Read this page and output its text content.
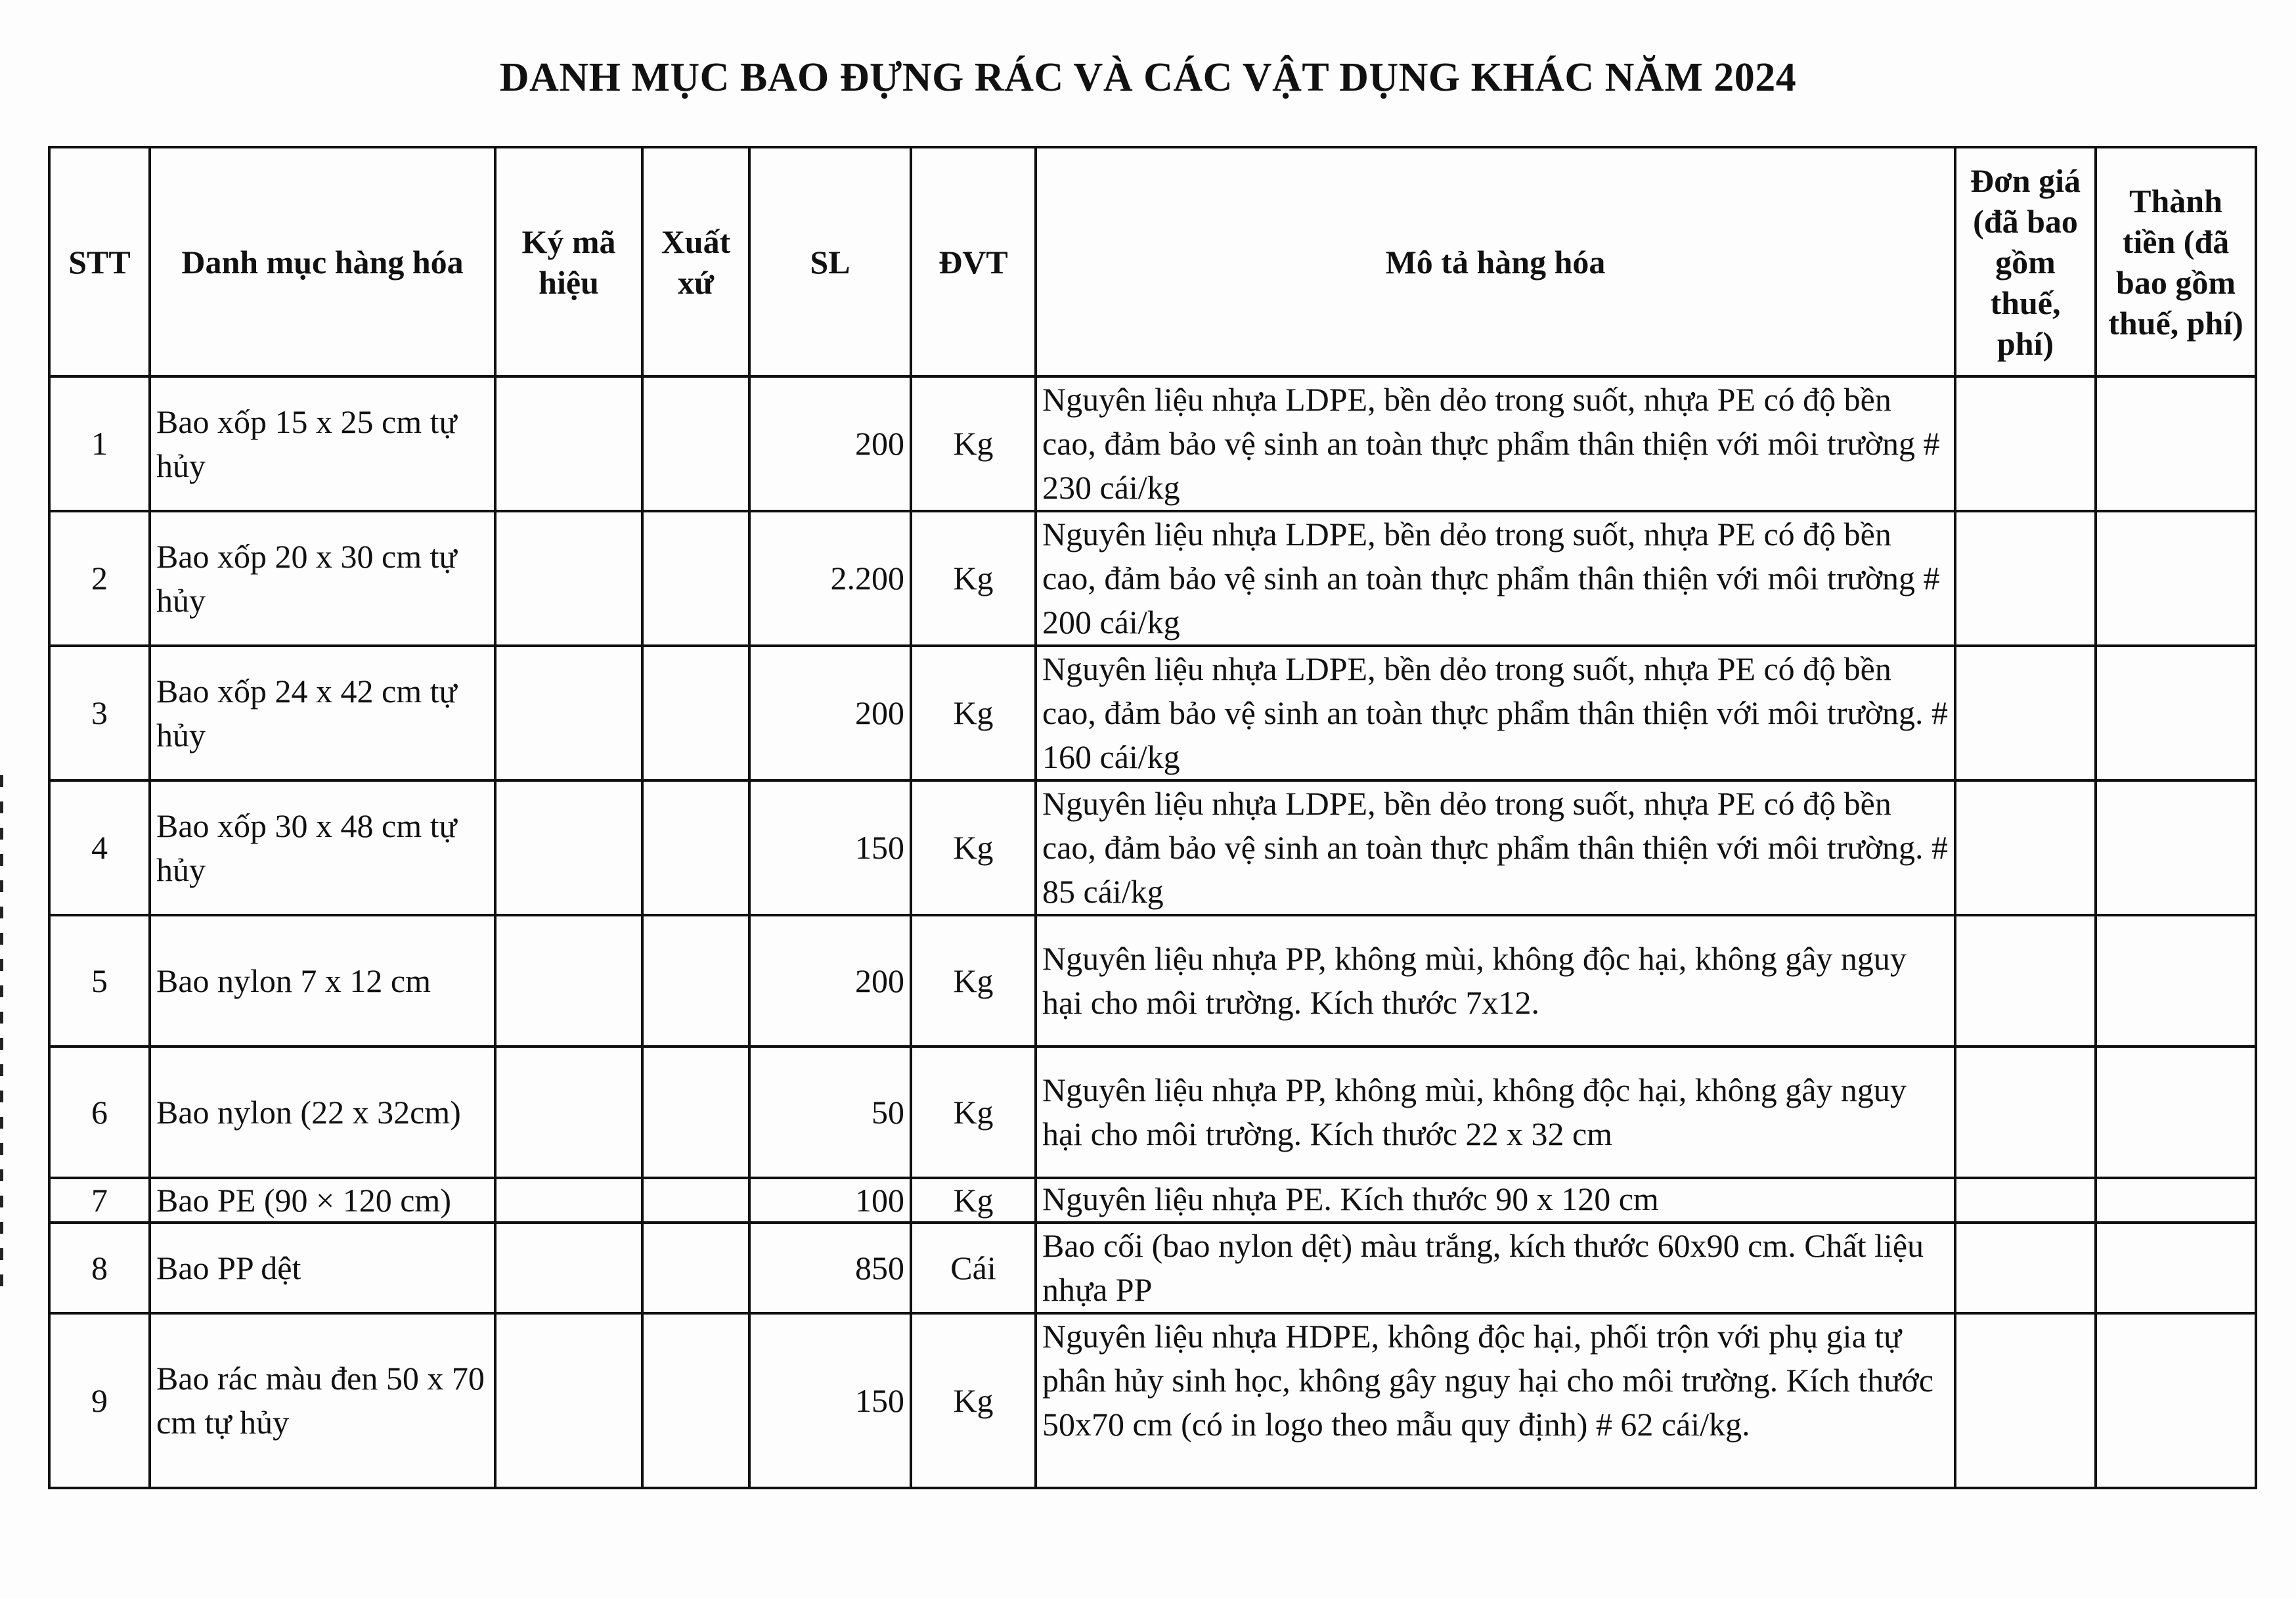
DANH MỤC BAO ĐỰNG RÁC VÀ CÁC VẬT DỤNG KHÁC NĂM 2024
STT	Danh mục hàng hóa	Ký mã hiệu	Xuất xứ	SL	ĐVT	Mô tả hàng hóa	Đơn giá (đã bao gồm thuế, phí)	Thành tiền (đã bao gồm thuế, phí)
1	Bao xốp 15 x 25 cm tự hủy			200	Kg	Nguyên liệu nhựa LDPE, bền dẻo trong suốt, nhựa PE có độ bền cao, đảm bảo vệ sinh an toàn thực phẩm thân thiện với môi trường # 230 cái/kg		
2	Bao xốp 20 x 30 cm tự hủy			2.200	Kg	Nguyên liệu nhựa LDPE, bền dẻo trong suốt, nhựa PE có độ bền cao, đảm bảo vệ sinh an toàn thực phẩm thân thiện với môi trường # 200 cái/kg		
3	Bao xốp 24 x 42 cm tự hủy			200	Kg	Nguyên liệu nhựa LDPE, bền dẻo trong suốt, nhựa PE có độ bền cao, đảm bảo vệ sinh an toàn thực phẩm thân thiện với môi trường. # 160 cái/kg		
4	Bao xốp 30 x 48 cm tự hủy			150	Kg	Nguyên liệu nhựa LDPE, bền dẻo trong suốt, nhựa PE có độ bền cao, đảm bảo vệ sinh an toàn thực phẩm thân thiện với môi trường. # 85 cái/kg		
5	Bao nylon 7 x 12 cm			200	Kg	Nguyên liệu nhựa PP, không mùi, không độc hại, không gây nguy hại cho môi trường. Kích thước 7x12.		
6	Bao nylon (22 x 32cm)			50	Kg	Nguyên liệu nhựa PP, không mùi, không độc hại, không gây nguy hại cho môi trường. Kích thước 22 x 32 cm		
7	Bao PE (90 × 120 cm)			100	Kg	Nguyên liệu nhựa PE. Kích thước 90 x 120 cm		
8	Bao PP dệt			850	Cái	Bao cối (bao nylon dệt) màu trắng, kích thước 60x90 cm. Chất liệu nhựa PP		
9	Bao rác màu đen 50 x 70 cm tự hủy			150	Kg	Nguyên liệu nhựa HDPE, không độc hại, phối trộn với phụ gia tự phân hủy sinh học, không gây nguy hại cho môi trường. Kích thước 50x70 cm (có in logo theo mẫu quy định) # 62 cái/kg.		
